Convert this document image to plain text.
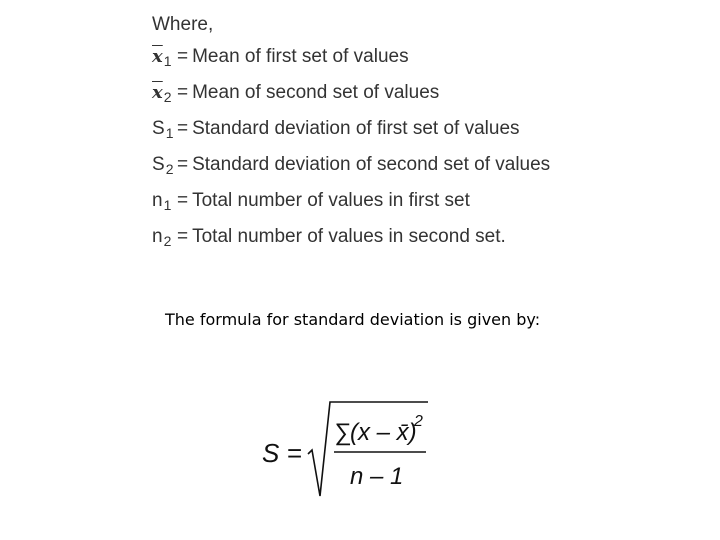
Where,
$\overline{x}_1$ = Mean of first set of values
$\overline{x}_2$ = Mean of second set of values
$S_1$ = Standard deviation of first set of values
$S_2$ = Standard deviation of second set of values
$n_1$ = Total number of values in first set
$n_2$ = Total number of values in second set.
The formula for standard deviation is given by:
S =
∑
(x – x̄)
2
n – 1
